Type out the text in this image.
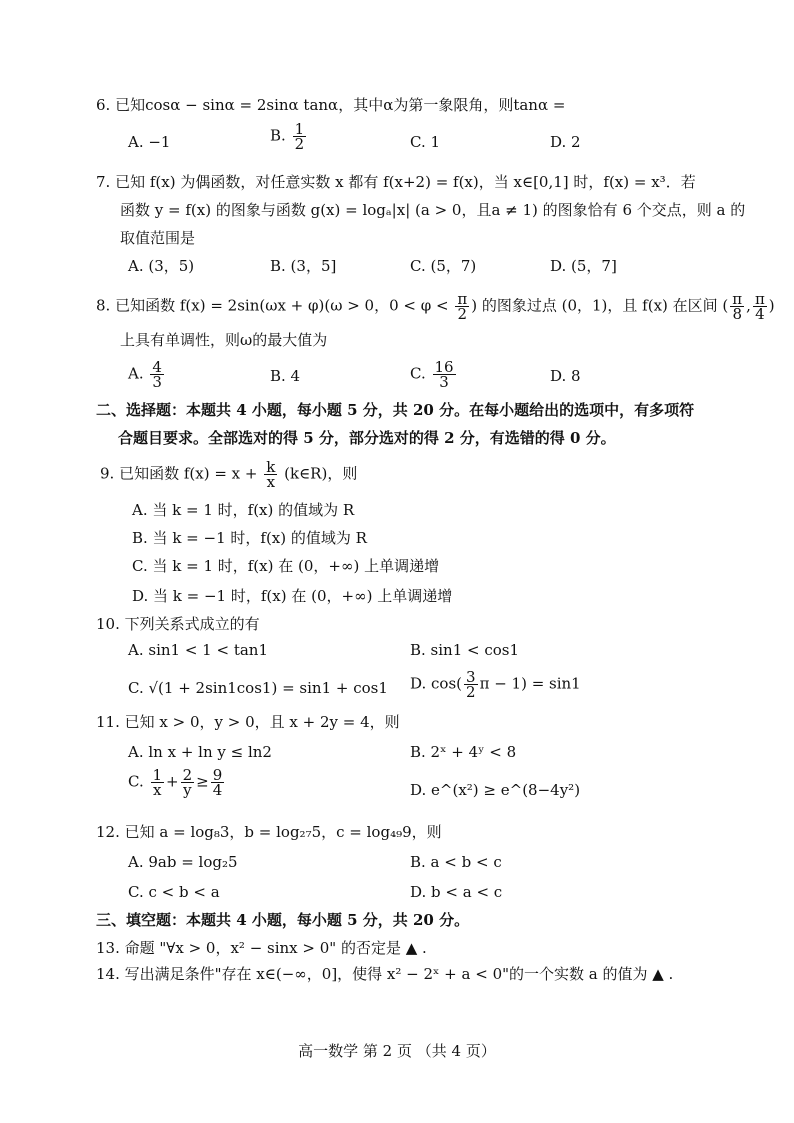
6. 已知cosα − sinα = 2sinα tanα，其中α为第一象限角，则tanα =
A. −1	B. $\frac{1}{2}$	C. 1	D. 2
7. 已知 f(x) 为偶函数，对任意实数 x 都有 f(x+2) = f(x)，当 x∈[0,1] 时，f(x) = x³．若
函数 y = f(x) 的图象与函数 g(x) = logₐ|x| (a > 0，且a ≠ 1) 的图象恰有 6 个交点，则 a 的
取值范围是
A. (3，5)	B. (3，5]	C. (5，7)	D. (5，7]
8. 已知函数 f(x) = 2sin(ωx + φ)(ω > 0，$0 < \varphi < \frac{\pi}{2}$ ) 的图象过点 (0，1)，且 f(x) 在区间 ( $\frac{\pi}{8}$ , $\frac{\pi}{4}$ )
上具有单调性，则ω的最大值为
A. $\frac{4}{3}$	B. 4	C. $\frac{16}{3}$	D. 8
二、选择题：本题共 4 小题，每小题 5 分，共 20 分。在每小题给出的选项中，有多项符
合题目要求。全部选对的得 5 分，部分选对的得 2 分，有选错的得 0 分。
9. 已知函数 $f(x) = x + \frac{k}{x}$ (k∈R)，则
A. 当 k = 1 时，f(x) 的值域为 R
B. 当 k = −1 时，f(x) 的值域为 R
C. 当 k = 1 时，f(x) 在 (0，+∞) 上单调递增
D. 当 k = −1 时，f(x) 在 (0，+∞) 上单调递增
10. 下列关系式成立的有
A. sin1 < 1 < tan1	B. sin1 < cos1
C. √(1 + 2sin1cos1) = sin1 + cos1 D. $\cos( \frac{3}{2}$ π − 1) = sin1
11. 已知 x > 0，y > 0，且 x + 2y = 4，则
A. ln x + ln y ≤ ln2	B. 2ˣ + 4ʸ < 8
C. $\frac{1}{x} + \frac{2}{y} \ge \frac{9}{4}$	D. e^(x²) ≥ e^(8−4y²)
12. 已知 a = log₈3，b = log₂₇5，c = log₄₉9，则
A. 9ab = log₂5	B. a < b < c
C. c < b < a	D. b < a < c
三、填空题：本题共 4 小题，每小题 5 分，共 20 分。
13. 命题 "∀x > 0，x² − sinx > 0" 的否定是 ▲ .
14. 写出满足条件"存在 x∈(−∞，0]，使得 x² − 2ˣ + a < 0"的一个实数 a 的值为 ▲ .
高一数学 第 2 页 （共 4 页）
